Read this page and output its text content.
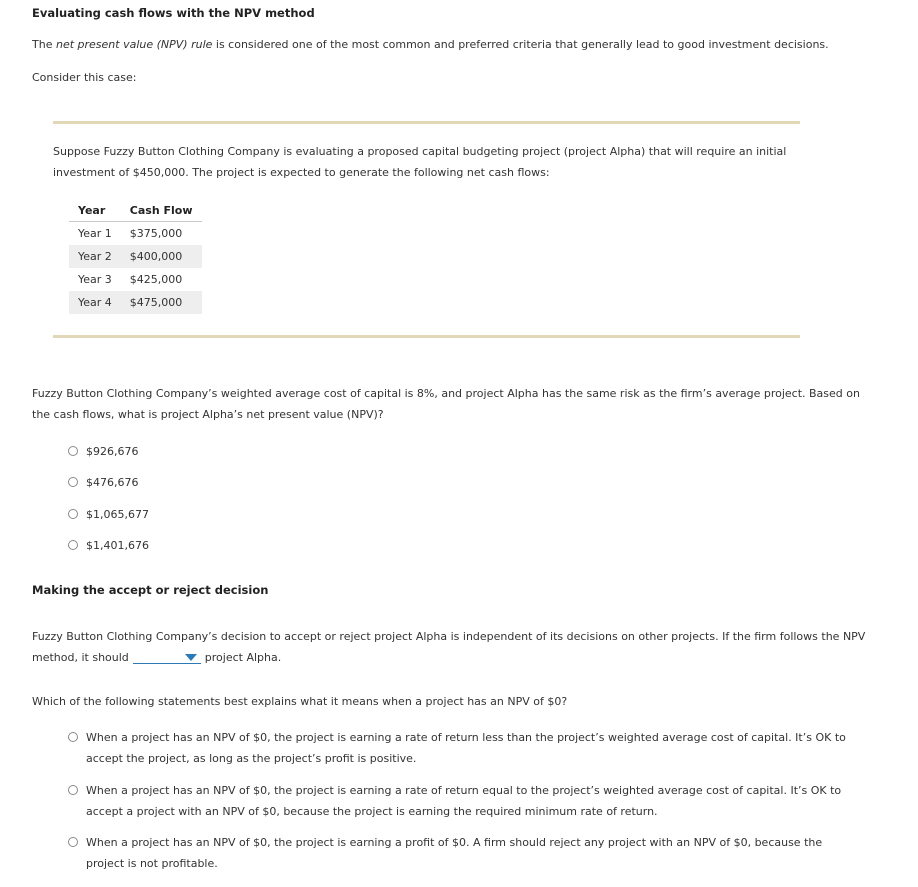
Evaluating cash flows with the NPV method
The net present value (NPV) rule is considered one of the most common and preferred criteria that generally lead to good investment decisions.
Consider this case:
Suppose Fuzzy Button Clothing Company is evaluating a proposed capital budgeting project (project Alpha) that will require an initial investment of $450,000. The project is expected to generate the following net cash flows:
Year	Cash Flow
Year 1	$375,000
Year 2	$400,000
Year 3	$425,000
Year 4	$475,000
Fuzzy Button Clothing Company’s weighted average cost of capital is 8%, and project Alpha has the same risk as the firm’s average project. Based on the cash flows, what is project Alpha’s net present value (NPV)?
$926,676
$476,676
$1,065,677
$1,401,676
Making the accept or reject decision
Fuzzy Button Clothing Company’s decision to accept or reject project Alpha is independent of its decisions on other projects. If the firm follows the NPV method, it should	project Alpha.
Which of the following statements best explains what it means when a project has an NPV of $0?
When a project has an NPV of $0, the project is earning a rate of return less than the project’s weighted average cost of capital. It’s OK to accept the project, as long as the project’s profit is positive.
When a project has an NPV of $0, the project is earning a rate of return equal to the project’s weighted average cost of capital. It’s OK to accept a project with an NPV of $0, because the project is earning the required minimum rate of return.
When a project has an NPV of $0, the project is earning a profit of $0. A firm should reject any project with an NPV of $0, because the project is not profitable.
